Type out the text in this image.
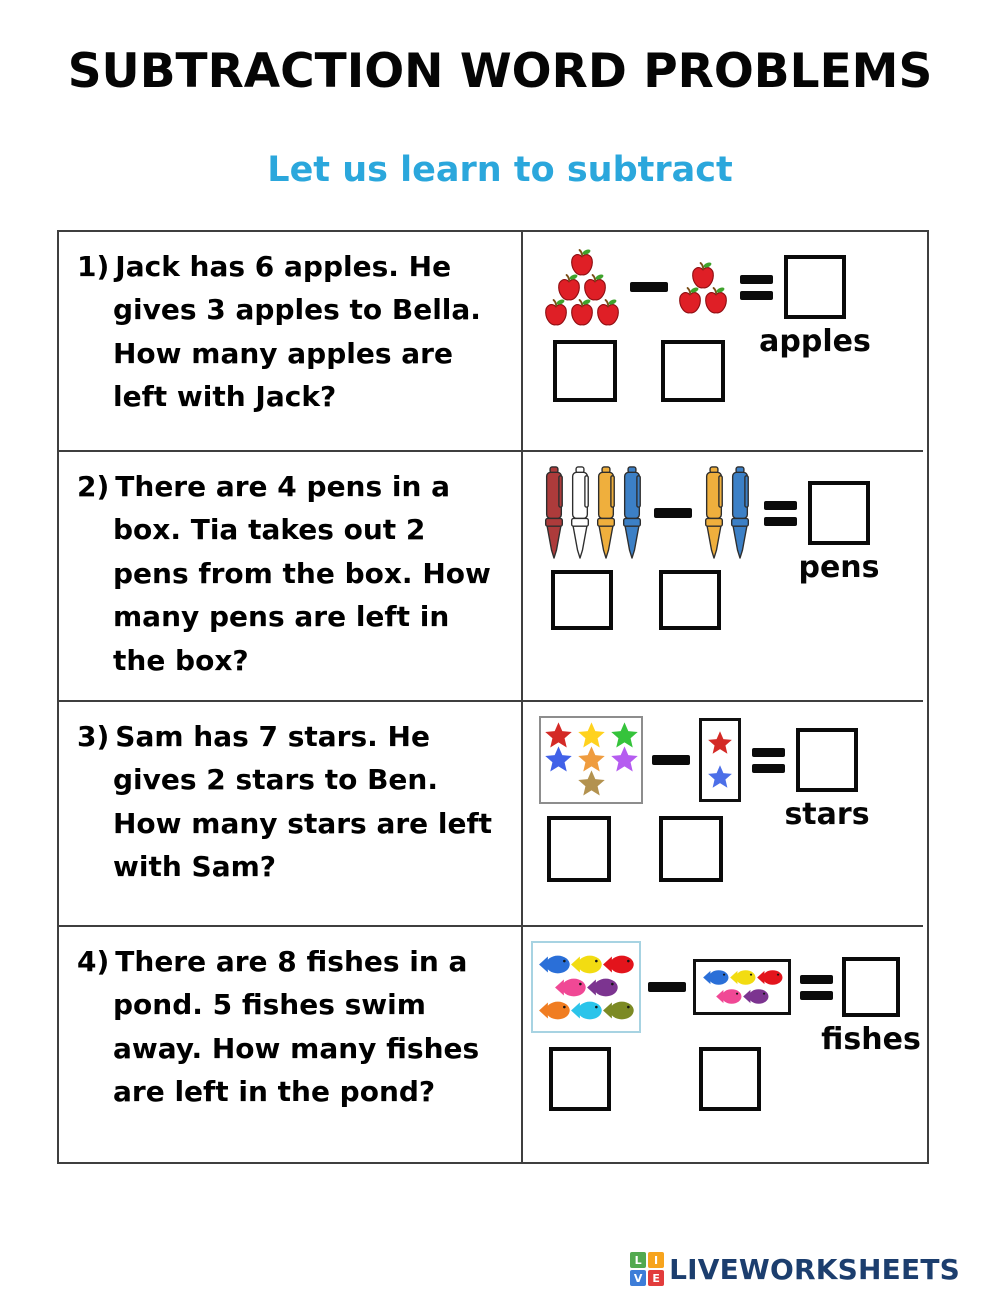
SUBTRACTION WORD PROBLEMS
Let us learn to subtract

1) Jack has 6 apples. He
gives 3 apples to Bella.
How many apples are
left with Jack?

apples

2) There are 4 pens in a
box. Tia takes out 2
pens from the box. How
many pens are left in
the box?

pens

3) Sam has 7 stars. He
gives 2 stars to Ben.
How many stars are left
with Sam?

stars

4) There are 8 fishes in a
pond. 5 fishes swim
away. How many fishes
are left in the pond?

fishes
L	I
V E LIVEWORKSHEETS
